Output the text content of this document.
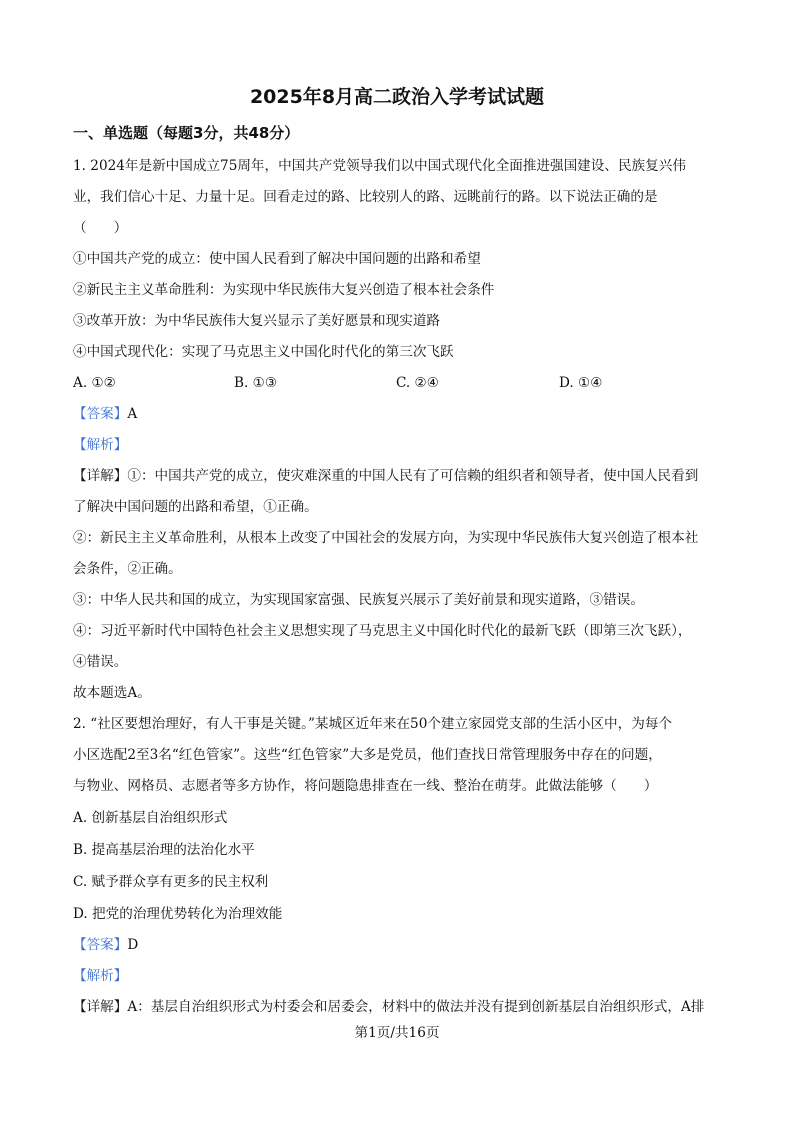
2025年8月高二政治入学考试试题
一、单选题（每题3分，共48分）
1. 2024年是新中国成立75周年，中国共产党领导我们以中国式现代化全面推进强国建设、民族复兴伟
业，我们信心十足、力量十足。回看走过的路、比较别人的路、远眺前行的路。以下说法正确的是
（　　）
①中国共产党的成立：使中国人民看到了解决中国问题的出路和希望
②新民主主义革命胜利：为实现中华民族伟大复兴创造了根本社会条件
③改革开放：为中华民族伟大复兴显示了美好愿景和现实道路
④中国式现代化：实现了马克思主义中国化时代化的第三次飞跃
A. ①②	B. ①③	C. ②④	D. ①④
【答案】A
【解析】
【详解】①：中国共产党的成立，使灾难深重的中国人民有了可信赖的组织者和领导者，使中国人民看到
了解决中国问题的出路和希望，①正确。
②：新民主主义革命胜利，从根本上改变了中国社会的发展方向，为实现中华民族伟大复兴创造了根本社
会条件，②正确。
③：中华人民共和国的成立，为实现国家富强、民族复兴展示了美好前景和现实道路，③错误。
④：习近平新时代中国特色社会主义思想实现了马克思主义中国化时代化的最新飞跃（即第三次飞跃），
④错误。
故本题选A。
2. “社区要想治理好，有人干事是关键。”某城区近年来在50个建立家园党支部的生活小区中，为每个
小区选配2至3名“红色管家”。这些“红色管家”大多是党员，他们查找日常管理服务中存在的问题，
与物业、网格员、志愿者等多方协作，将问题隐患排查在一线、整治在萌芽。此做法能够（　　）
A. 创新基层自治组织形式
B. 提高基层治理的法治化水平
C. 赋予群众享有更多的民主权利
D. 把党的治理优势转化为治理效能
【答案】D
【解析】
【详解】A：基层自治组织形式为村委会和居委会，材料中的做法并没有提到创新基层自治组织形式，A排
第1页/共16页
